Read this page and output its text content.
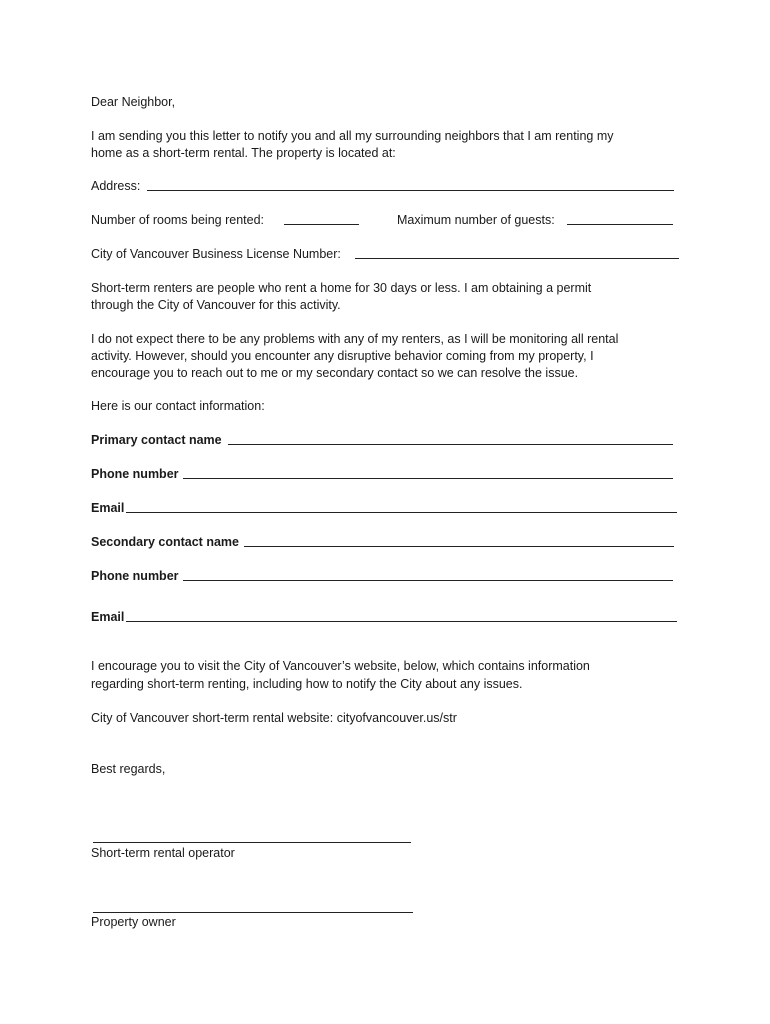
Dear Neighbor,
I am sending you this letter to notify you and all my surrounding neighbors that I am renting my
home as a short-term rental. The property is located at:
Address:
Number of rooms being rented:	Maximum number of guests:
City of Vancouver Business License Number:
Short-term renters are people who rent a home for 30 days or less. I am obtaining a permit
through the City of Vancouver for this activity.
I do not expect there to be any problems with any of my renters, as I will be monitoring all rental
activity. However, should you encounter any disruptive behavior coming from my property, I
encourage you to reach out to me or my secondary contact so we can resolve the issue.
Here is our contact information:
Primary contact name
Phone number
Email
Secondary contact name
Phone number
Email
I encourage you to visit the City of Vancouver’s website, below, which contains information
regarding short-term renting, including how to notify the City about any issues.
City of Vancouver short-term rental website: cityofvancouver.us/str
Best regards,
Short-term rental operator
Property owner
